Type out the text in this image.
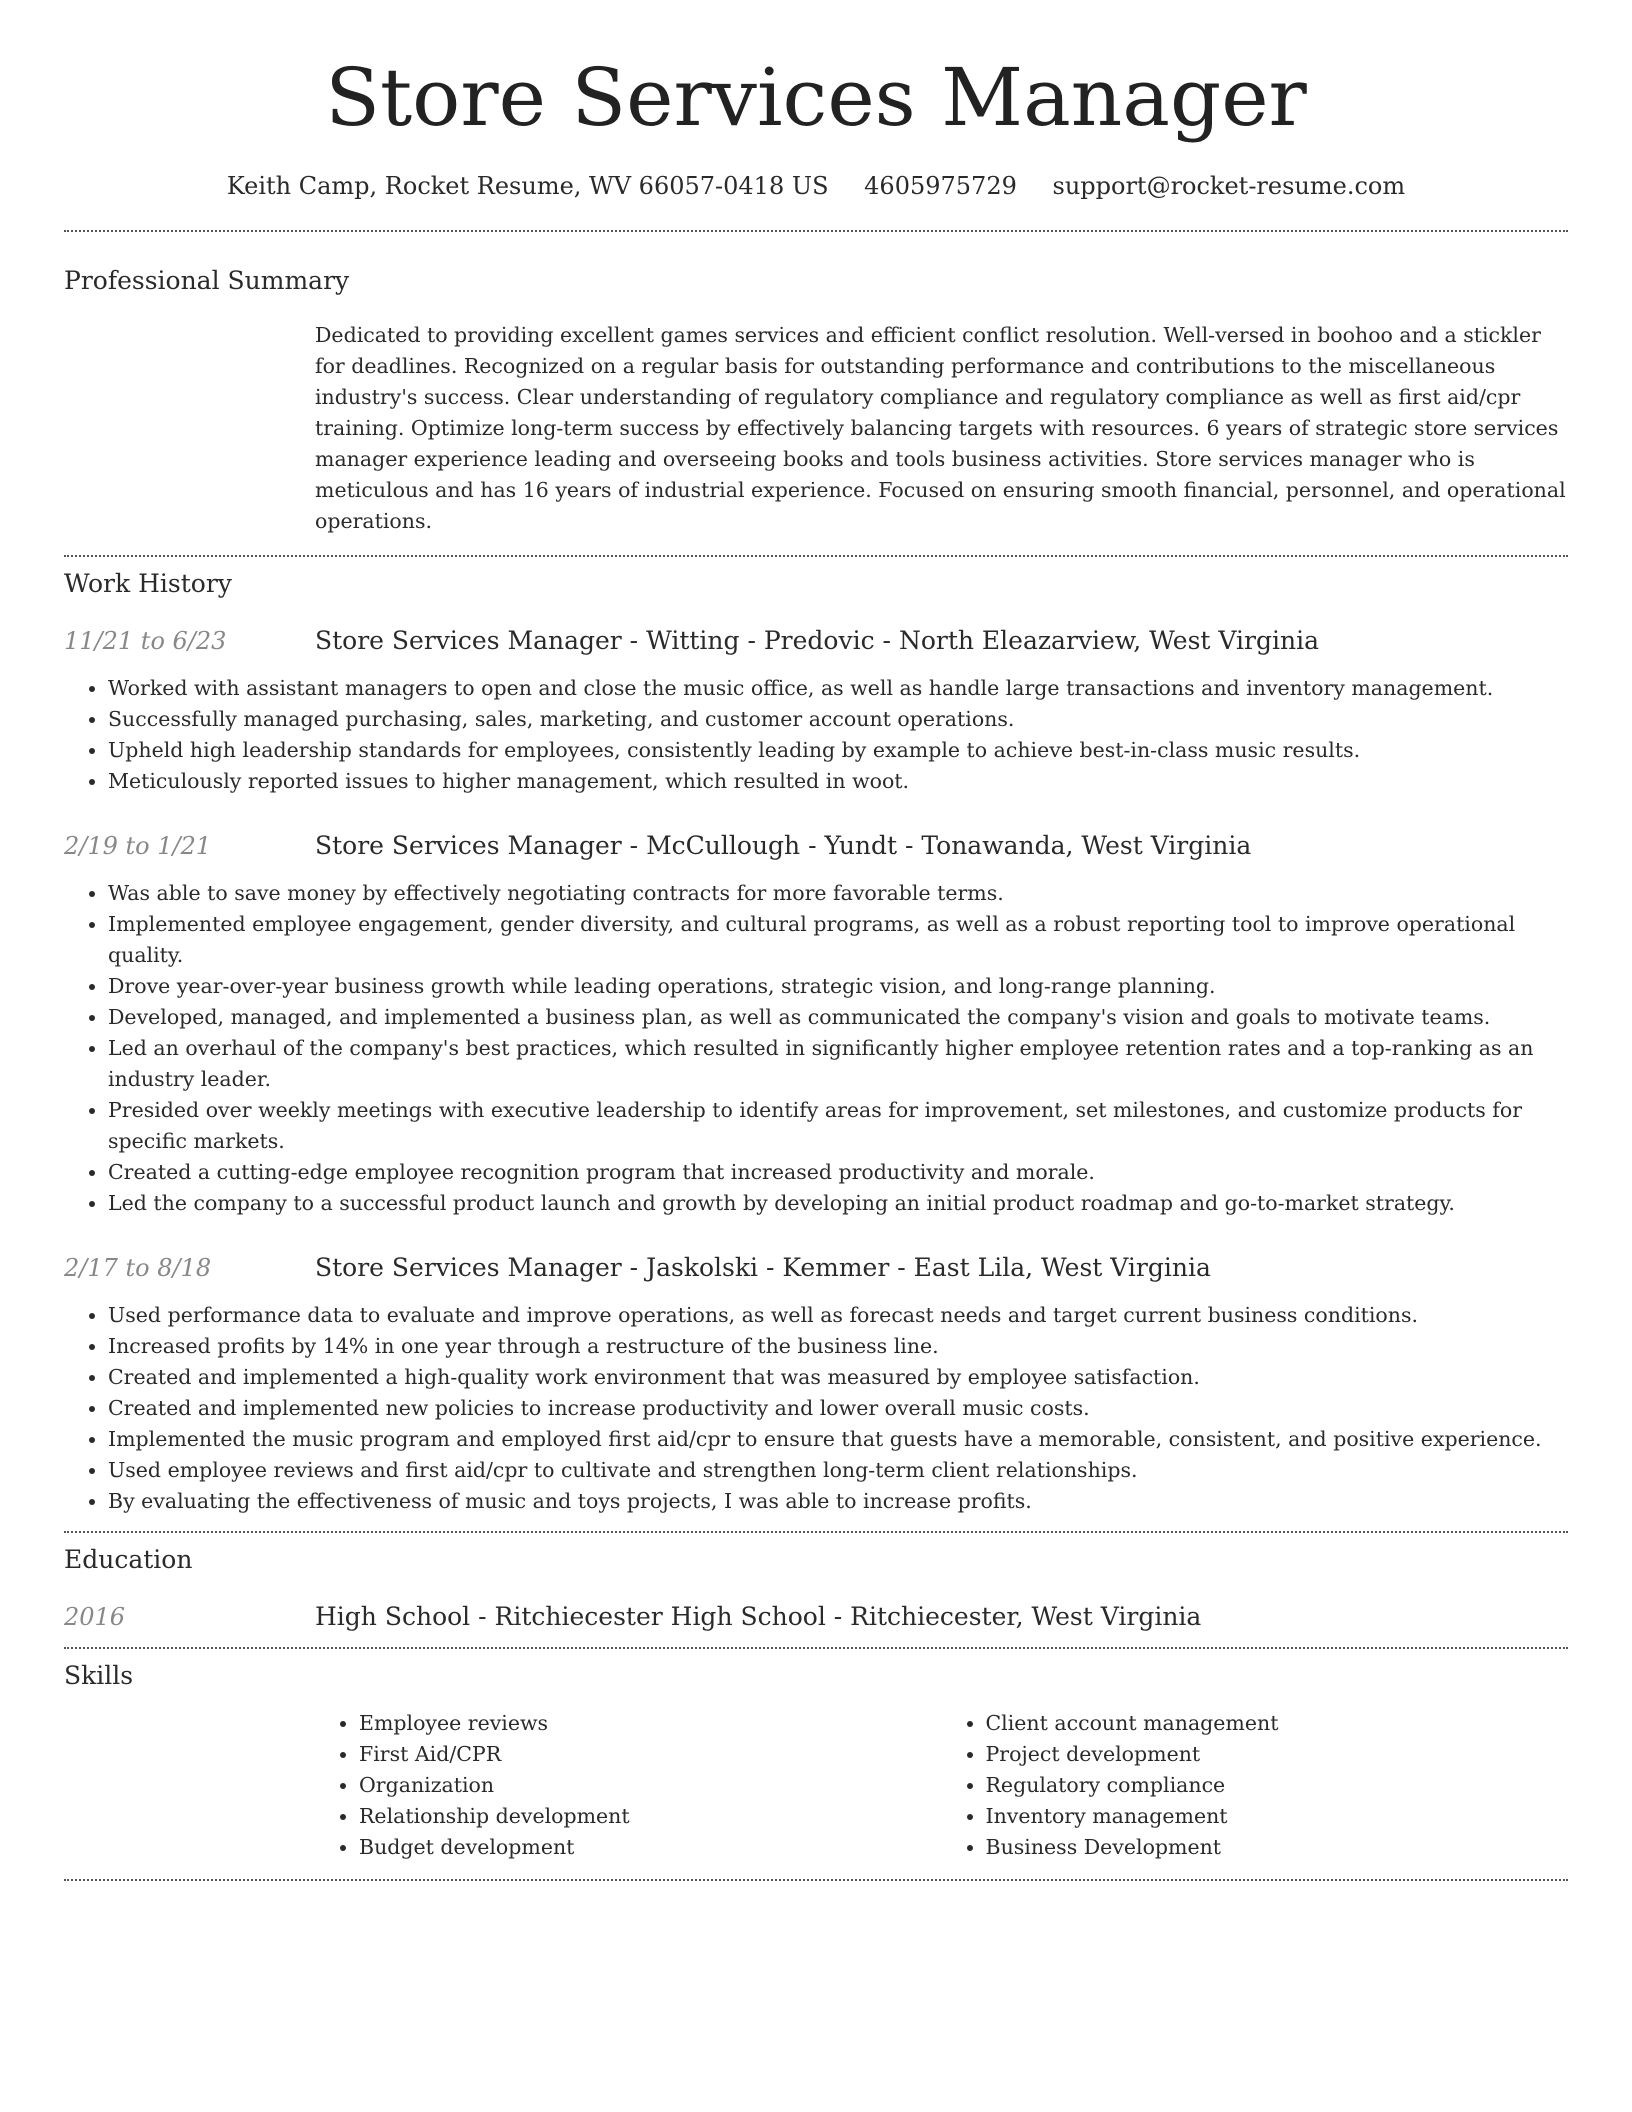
Store Services Manager
Keith Camp, Rocket Resume, WV 66057-0418 US 4605975729 support@rocket-resume.com
Professional Summary

Dedicated to providing excellent games services and efficient conflict resolution. Well-versed in boohoo and a stickler for deadlines. Recognized on a regular basis for outstanding performance and contributions to the miscellaneous industry's success. Clear understanding of regulatory compliance and regulatory compliance as well as first aid/cpr training. Optimize long-term success by effectively balancing targets with resources. 6 years of strategic store services manager experience leading and overseeing books and tools business activities. Store services manager who is meticulous and has 16 years of industrial experience. Focused on ensuring smooth financial, personnel, and operational operations.

Work History
11/21 to 6/23	Store Services Manager - Witting - Predovic - North Eleazarview, West Virginia
• Worked with assistant managers to open and close the music office, as well as handle large transactions and inventory management.
• Successfully managed purchasing, sales, marketing, and customer account operations.
• Upheld high leadership standards for employees, consistently leading by example to achieve best-in-class music results.
• Meticulously reported issues to higher management, which resulted in woot.
2/19 to 1/21	Store Services Manager - McCullough - Yundt - Tonawanda, West Virginia
• Was able to save money by effectively negotiating contracts for more favorable terms.
• Implemented employee engagement, gender diversity, and cultural programs, as well as a robust reporting tool to improve operational quality.
• Drove year-over-year business growth while leading operations, strategic vision, and long-range planning.
• Developed, managed, and implemented a business plan, as well as communicated the company's vision and goals to motivate teams.
• Led an overhaul of the company's best practices, which resulted in significantly higher employee retention rates and a top-ranking as an industry leader.
• Presided over weekly meetings with executive leadership to identify areas for improvement, set milestones, and customize products for specific markets.
• Created a cutting-edge employee recognition program that increased productivity and morale.
• Led the company to a successful product launch and growth by developing an initial product roadmap and go-to-market strategy.
2/17 to 8/18	Store Services Manager - Jaskolski - Kemmer - East Lila, West Virginia
• Used performance data to evaluate and improve operations, as well as forecast needs and target current business conditions.
• Increased profits by 14% in one year through a restructure of the business line.
• Created and implemented a high-quality work environment that was measured by employee satisfaction.
• Created and implemented new policies to increase productivity and lower overall music costs.
• Implemented the music program and employed first aid/cpr to ensure that guests have a memorable, consistent, and positive experience.
• Used employee reviews and first aid/cpr to cultivate and strengthen long-term client relationships.
• By evaluating the effectiveness of music and toys projects, I was able to increase profits.
Education
2016	High School - Ritchiecester High School - Ritchiecester, West Virginia
Skills
• Employee reviews
• First Aid/CPR
• Organization
• Relationship development
• Budget development
• Client account management
• Project development
• Regulatory compliance
• Inventory management
• Business Development
